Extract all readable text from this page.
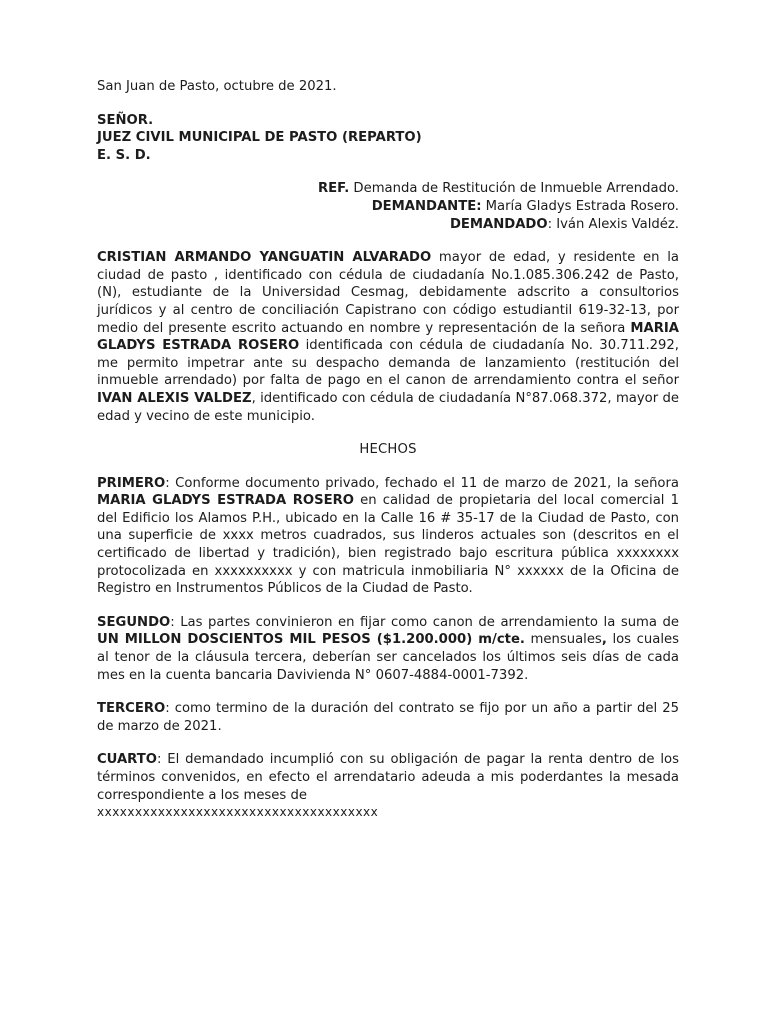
San Juan de Pasto, octubre de 2021.
SEÑOR.
JUEZ CIVIL MUNICIPAL DE PASTO (REPARTO)
E. S. D.
REF. Demanda de Restitución de Inmueble Arrendado.
DEMANDANTE: María Gladys Estrada Rosero.
DEMANDADO: Iván Alexis Valdéz.

CRISTIAN ARMANDO YANGUATIN ALVARADO mayor de edad, y residente en la ciudad de pasto , identificado con cédula de ciudadanía No.1.085.306.242 de Pasto, (N), estudiante de la Universidad Cesmag, debidamente adscrito a consultorios jurídicos y al centro de conciliación Capistrano con código estudiantil 619-32-13, por medio del presente escrito actuando en nombre y representación de la señora MARIA GLADYS ESTRADA ROSERO identificada con cédula de ciudadanía No. 30.711.292, me permito impetrar ante su despacho demanda de lanzamiento (restitución del inmueble arrendado) por falta de pago en el canon de arrendamiento contra el señor IVAN ALEXIS VALDEZ, identificado con cédula de ciudadanía N°87.068.372, mayor de edad y vecino de este municipio.

HECHOS

PRIMERO: Conforme documento privado, fechado el 11 de marzo de 2021, la señora MARIA GLADYS ESTRADA ROSERO en calidad de propietaria del local comercial 1 del Edificio los Alamos P.H., ubicado en la Calle 16 # 35-17 de la Ciudad de Pasto, con una superficie de xxxx metros cuadrados, sus linderos actuales son (descritos en el certificado de libertad y tradición), bien registrado bajo escritura pública xxxxxxxx protocolizada en xxxxxxxxxx y con matricula inmobiliaria N° xxxxxx de la Oficina de Registro en Instrumentos Públicos de la Ciudad de Pasto.

SEGUNDO: Las partes convinieron en fijar como canon de arrendamiento la suma de UN MILLON DOSCIENTOS MIL PESOS ($1.200.000) m/cte. mensuales, los cuales al tenor de la cláusula tercera, deberían ser cancelados los últimos seis días de cada mes en la cuenta bancaria Davivienda N° 0607-4884-0001-7392.

TERCERO: como termino de la duración del contrato se fijo por un año a partir del 25 de marzo de 2021.

CUARTO: El demandado incumplió con su obligación de pagar la renta dentro de los términos convenidos, en efecto el arrendatario adeuda a mis poderdantes la mesada correspondiente a los meses de
xxxxxxxxxxxxxxxxxxxxxxxxxxxxxxxxxxxxx
